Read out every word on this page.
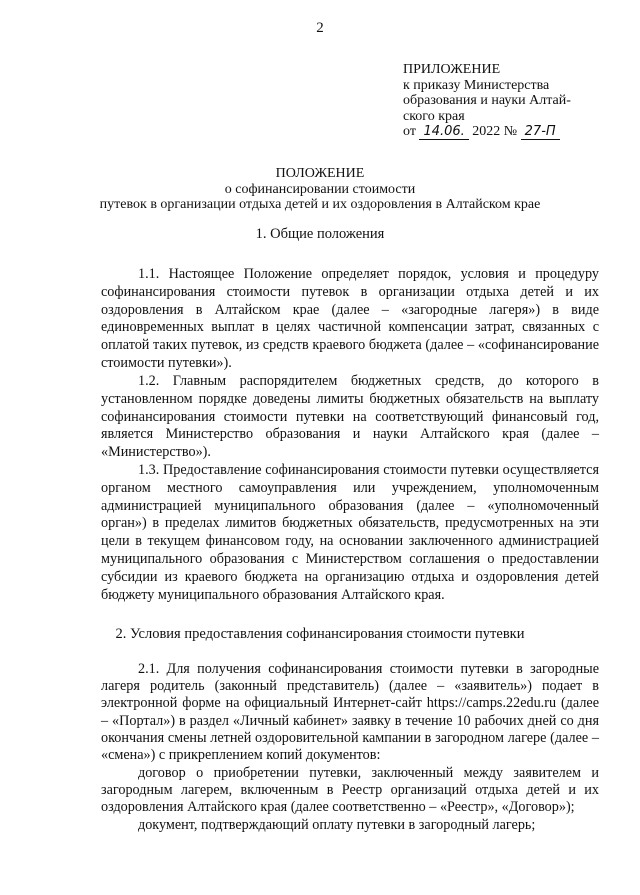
2
ПРИЛОЖЕНИЕ
к приказу Министерства
образования и науки Алтай-
ского края
от 14.06. 2022 № 27-П
ПОЛОЖЕНИЕ
о софинансировании стоимости
путевок в организации отдыха детей и их оздоровления в Алтайском крае
1. Общие положения

1.1. Настоящее Положение определяет порядок, условия и процедуру софинансирования стоимости путевок в организации отдыха детей и их оздоровления в Алтайском крае (далее – «загородные лагеря») в виде единовременных выплат в целях частичной компенсации затрат, связанных с оплатой таких путевок, из средств краевого бюджета (далее – «софинансирование стоимости путевки»).

1.2. Главным распорядителем бюджетных средств, до которого в установленном порядке доведены лимиты бюджетных обязательств на выплату софинансирования стоимости путевки на соответствующий финансовый год, является Министерство образования и науки Алтайского края (далее – «Министерство»).

1.3. Предоставление софинансирования стоимости путевки осуществляется органом местного самоуправления или учреждением, уполномоченным администрацией муниципального образования (далее – «уполномоченный орган») в пределах лимитов бюджетных обязательств, предусмотренных на эти цели в текущем финансовом году, на основании заключенного администрацией муниципального образования с Министерством соглашения о предоставлении субсидии из краевого бюджета на организацию отдыха и оздоровления детей бюджету муниципального образования Алтайского края.

2. Условия предоставления софинансирования стоимости путевки

2.1. Для получения софинансирования стоимости путевки в загородные лагеря родитель (законный представитель) (далее – «заявитель») подает в электронной форме на официальный Интернет-сайт https://camps.22edu.ru (далее – «Портал») в раздел «Личный кабинет» заявку в течение 10 рабочих дней со дня окончания смены летней оздоровительной кампании в загородном лагере (далее – «смена») с прикреплением копий документов:

договор о приобретении путевки, заключенный между заявителем и загородным лагерем, включенным в Реестр организаций отдыха детей и их оздоровления Алтайского края (далее соответственно – «Реестр», «Договор»);

документ, подтверждающий оплату путевки в загородный лагерь;
